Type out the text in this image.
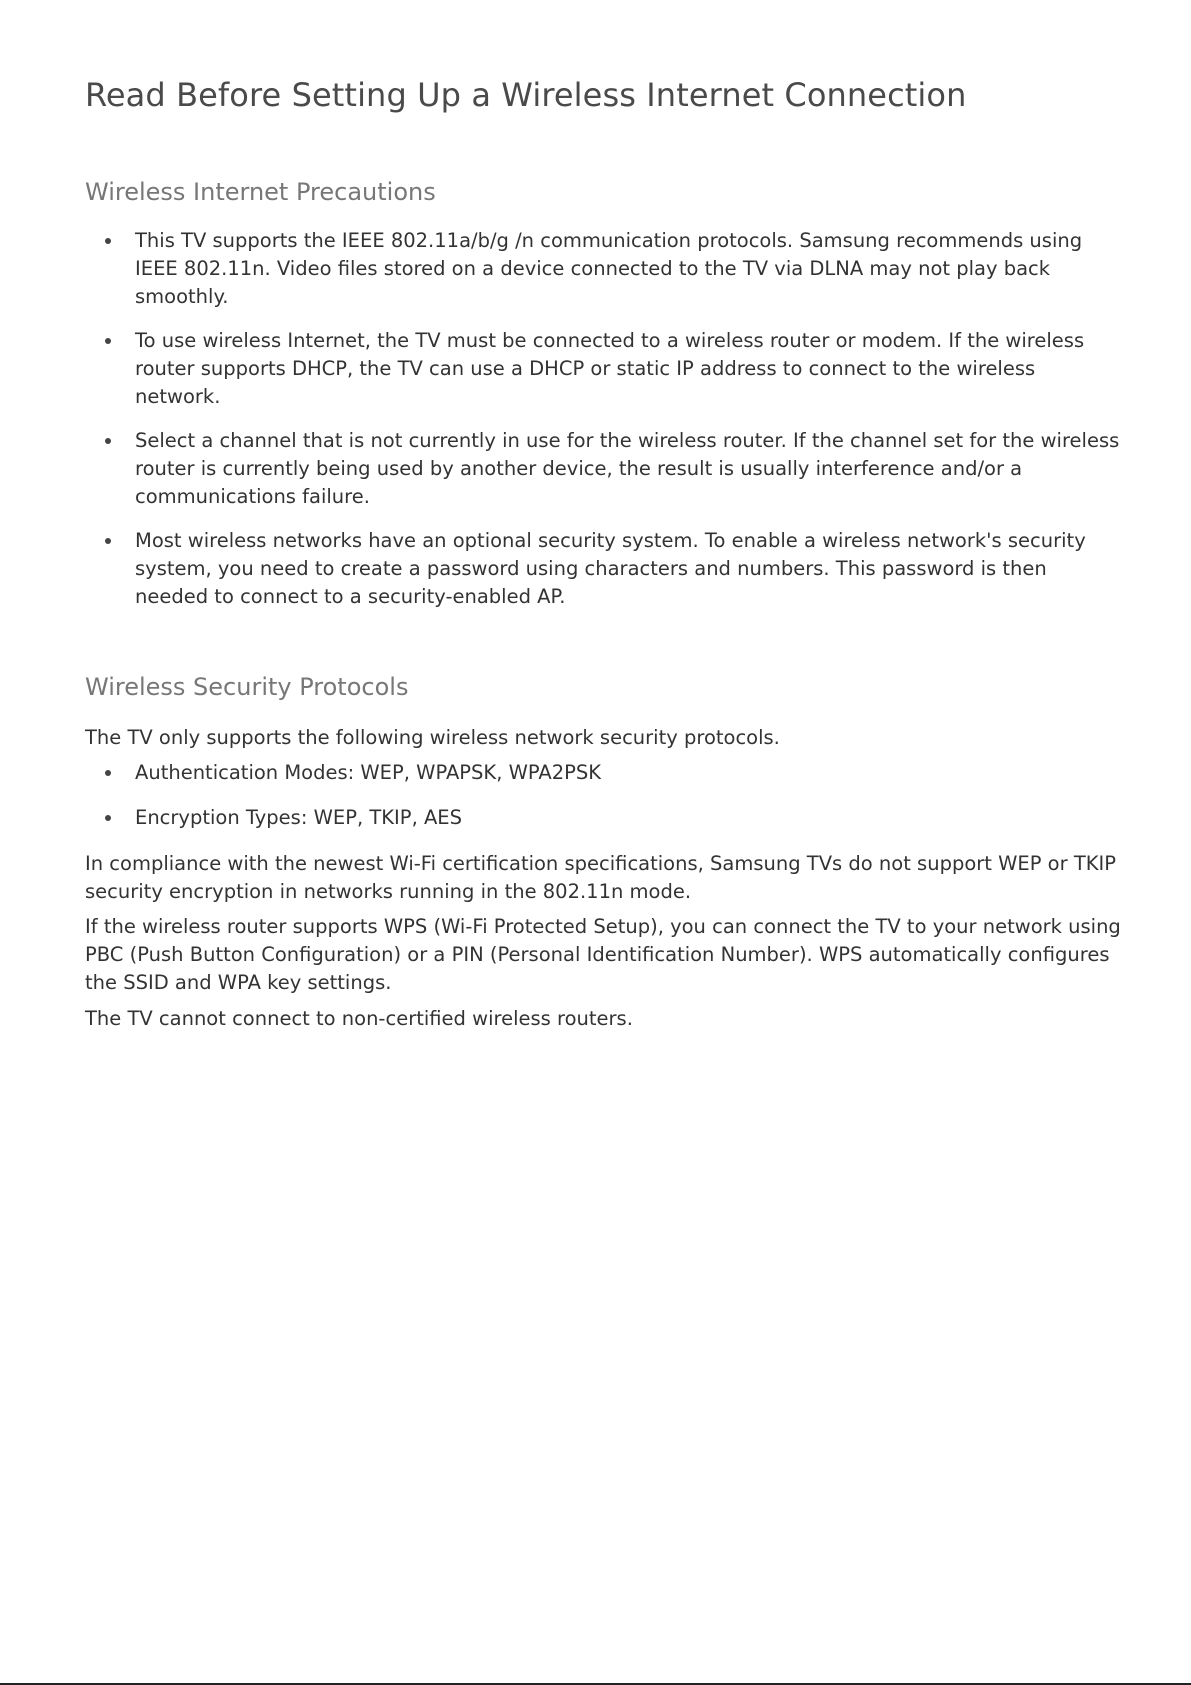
Read Before Setting Up a Wireless Internet Connection
Wireless Internet Precautions
This TV supports the IEEE 802.11a/b/g /n communication protocols. Samsung recommends using IEEE 802.11n. Video files stored on a device connected to the TV via DLNA may not play back smoothly.
To use wireless Internet, the TV must be connected to a wireless router or modem. If the wireless router supports DHCP, the TV can use a DHCP or static IP address to connect to the wireless network.
Select a channel that is not currently in use for the wireless router. If the channel set for the wireless router is currently being used by another device, the result is usually interference and/or a communications failure.
Most wireless networks have an optional security system. To enable a wireless network's security system, you need to create a password using characters and numbers. This password is then needed to connect to a security-enabled AP.
Wireless Security Protocols

The TV only supports the following wireless network security protocols.

Authentication Modes: WEP, WPAPSK, WPA2PSK
Encryption Types: WEP, TKIP, AES

In compliance with the newest Wi-Fi certification specifications, Samsung TVs do not support WEP or TKIP security encryption in networks running in the 802.11n mode.

If the wireless router supports WPS (Wi-Fi Protected Setup), you can connect the TV to your network using PBC (Push Button Configuration) or a PIN (Personal Identification Number). WPS automatically configures the SSID and WPA key settings.

The TV cannot connect to non-certified wireless routers.
